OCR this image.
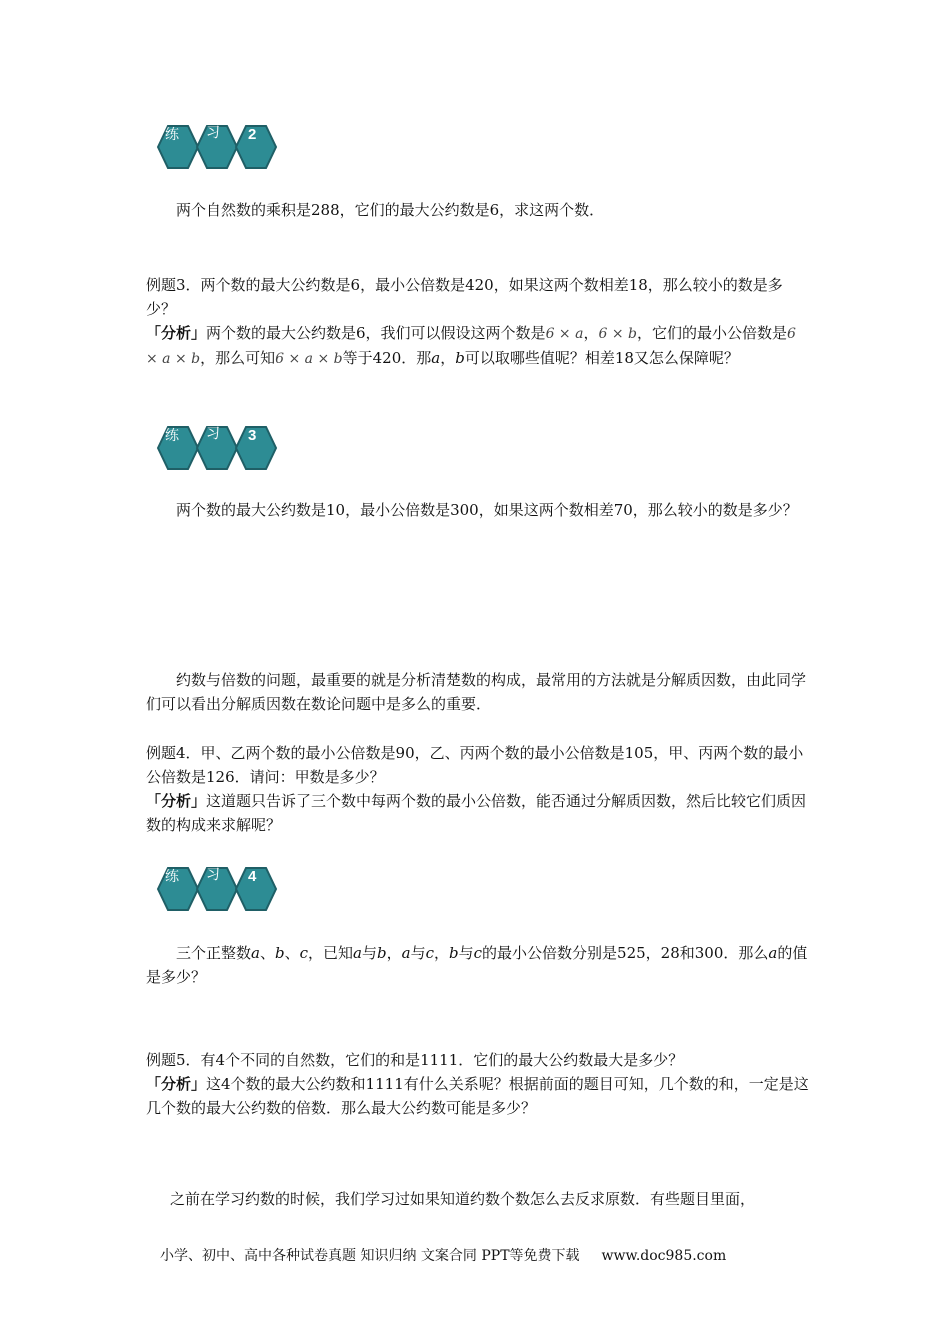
练 习 2
两个自然数的乘积是288，它们的最大公约数是6，求这两个数．
例题3．两个数的最大公约数是6，最小公倍数是420，如果这两个数相差18，那么较小的数是多少？
「分析」两个数的最大公约数是6，我们可以假设这两个数是6 × a，6 × b，它们的最小公倍数是6 × a × b，那么可知6 × a × b等于420．那a，b可以取哪些值呢？相差18又怎么保障呢？
练 习 3
两个数的最大公约数是10，最小公倍数是300，如果这两个数相差70，那么较小的数是多少？
约数与倍数的问题，最重要的就是分析清楚数的构成，最常用的方法就是分解质因数，由此同学们可以看出分解质因数在数论问题中是多么的重要．
例题4．甲、乙两个数的最小公倍数是90，乙、丙两个数的最小公倍数是105，甲、丙两个数的最小公倍数是126．请问：甲数是多少？
「分析」这道题只告诉了三个数中每两个数的最小公倍数，能否通过分解质因数，然后比较它们质因数的构成来求解呢？
练 习 4
三个正整数a、b、c，已知a与b，a与c，b与c的最小公倍数分别是525，28和300．那么a的值是多少？
例题5．有4个不同的自然数，它们的和是1111．它们的最大公约数最大是多少？
「分析」这4个数的最大公约数和1111有什么关系呢？根据前面的题目可知，几个数的和，一定是这几个数的最大公约数的倍数．那么最大公约数可能是多少？
之前在学习约数的时候，我们学习过如果知道约数个数怎么去反求原数．有些题目里面，
小学、初中、高中各种试卷真题 知识归纳 文案合同 PPT等免费下载 www.doc985.com
